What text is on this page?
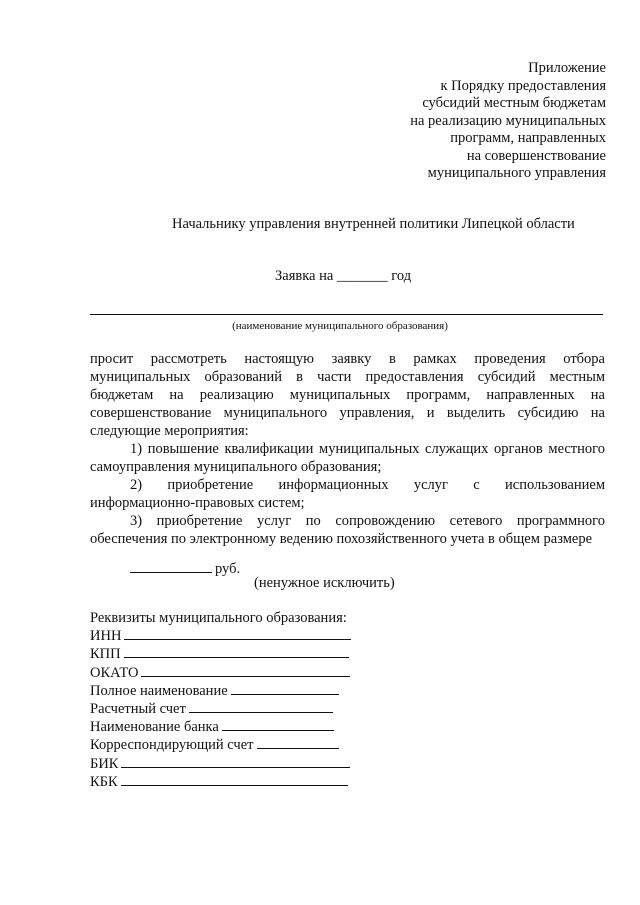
Приложение
к Порядку предоставления
субсидий местным бюджетам
на реализацию муниципальных
программ, направленных
на совершенствование
муниципального управления
Начальнику управления внутренней политики Липецкой области
Заявка на _______ год
(наименование муниципального образования)

просит рассмотреть настоящую заявку в рамках проведения отбора муниципальных образований в части предоставления субсидий местным бюджетам на реализацию муниципальных программ, направленных на совершенствование муниципального управления, и выделить субсидию на следующие мероприятия:

1) повышение квалификации муниципальных служащих органов местного самоуправления муниципального образования;

2) приобретение информационных услуг с использованием информационно-правовых систем;

3) приобретение услуг по сопровождению сетевого программного обеспечения по электронному ведению похозяйственного учета в общем размере

руб.
(ненужное исключить)
Реквизиты муниципального образования:
ИНН
КПП
ОКАТО
Полное наименование
Расчетный счет
Наименование банка
Корреспондирующий счет
БИК
КБК
